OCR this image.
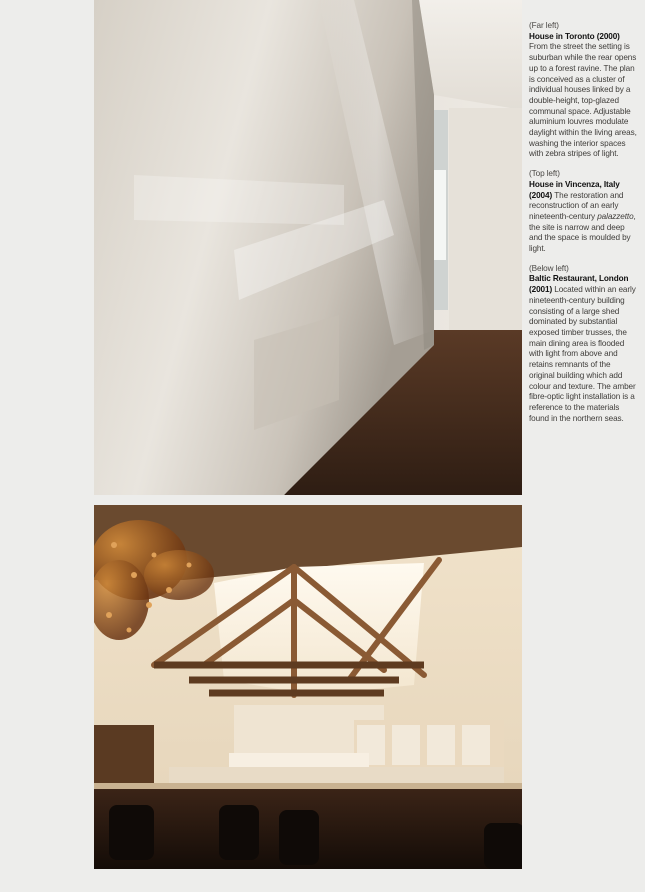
(Far left)
House in Toronto (2000) From the street the setting is suburban while the rear opens up to a forest ravine. The plan is conceived as a cluster of individual houses linked by a double-height, top-glazed communal space. Adjustable aluminium louvres modulate daylight within the living areas, washing the interior spaces with zebra stripes of light.
(Top left)
House in Vincenza, Italy (2004) The restoration and reconstruction of an early nineteenth-century palazzetto, the site is narrow and deep and the space is moulded by light.
(Below left)
Baltic Restaurant, London (2001) Located within an early nineteenth-century building consisting of a large shed dominated by substantial exposed timber trusses, the main dining area is flooded with light from above and retains remnants of the original building which add colour and texture. The amber fibre-optic light installation is a reference to the materials found in the northern seas.
